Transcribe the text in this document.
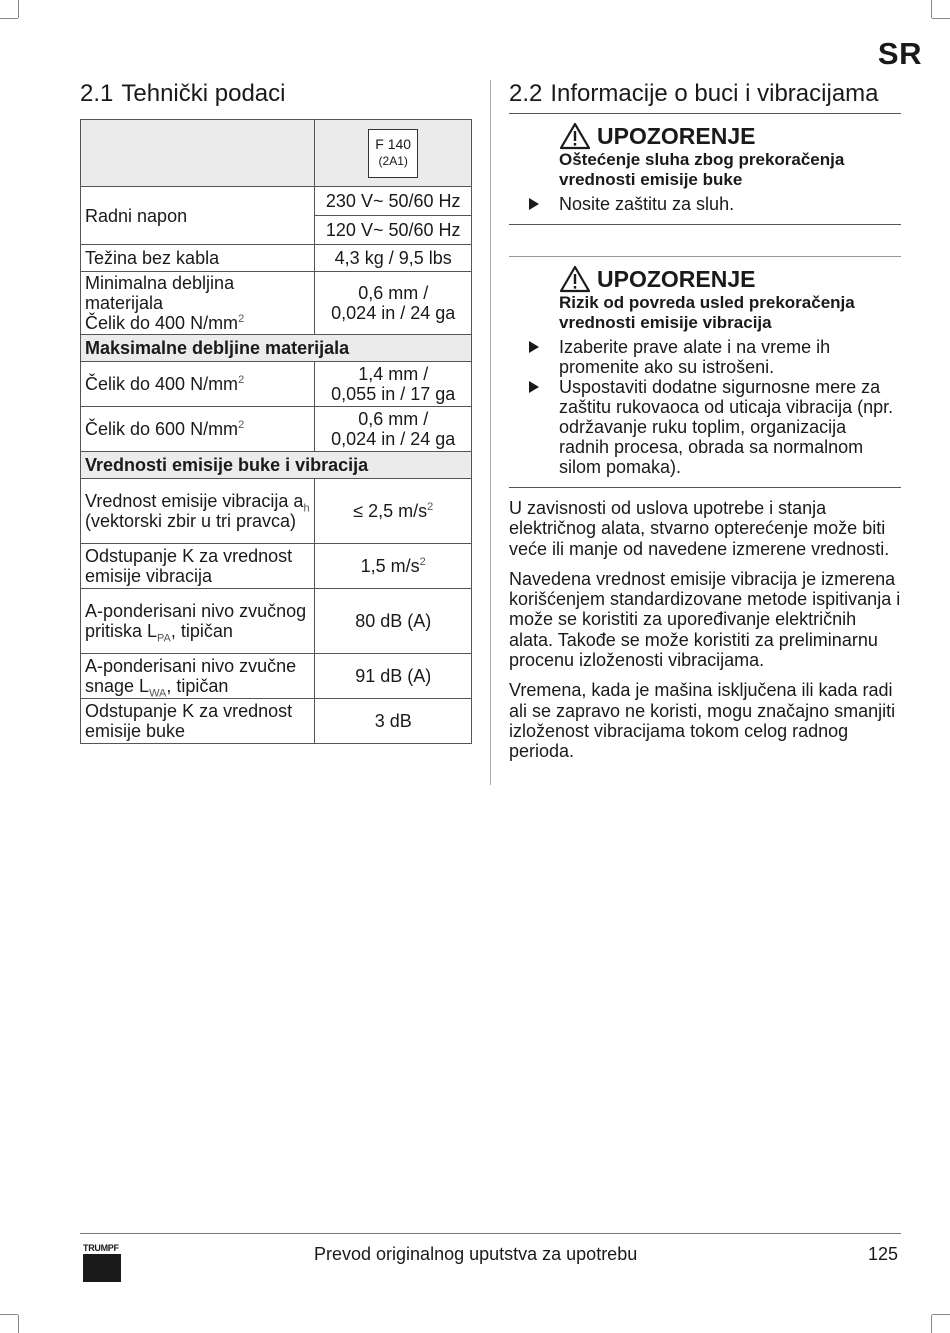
SR
2.1 Tehnički podaci

	F 140
(2A1)

Radni napon	230 V~ 50/60 Hz
	120 V~ 50/60 Hz
Težina bez kabla	4,3 kg / 9,5 lbs
Minimalna debljina materijala
Čelik do 400 $N/mm^2$	0,6 mm /
0,024 in / 24 ga
Maksimalne debljine materijala	
Čelik do 400 $N/mm^2$	1,4 mm /
0,055 in / 17 ga
Čelik do 600 $N/mm^2$	0,6 mm /
0,024 in / 24 ga
Vrednosti emisije buke i vibracija	
Vrednost emisije vibracija $a_h$ (vektorski zbir u tri pravca)	≤ 2,5 $m/s^2$
Odstupanje K za vrednost emisije vibracija	1,5 $m/s^2$
A-ponderisani nivo zvučnog pritiska $L_{PA}$, tipičan	80 dB (A)
A-ponderisani nivo zvučne snage $L_{WA}$, tipičan	91 dB (A)
Odstupanje K za vrednost emisije buke	3 dB
2.2 Informacije o buci i vibracijama
UPOZORENJE
Oštećenje sluha zbog prekoračenja vrednosti emisije buke
Nosite zaštitu za sluh.
UPOZORENJE
Rizik od povreda usled prekoračenja vrednosti emisije vibracija
Izaberite prave alate i na vreme ih promenite ako su istrošeni.
Uspostaviti dodatne sigurnosne mere za zaštitu rukovaoca od uticaja vibracija (npr. održavanje ruku toplim, organizacija radnih procesa, obrada sa normalnom silom pomaka).

U zavisnosti od uslova upotrebe i stanja električnog alata, stvarno opterećenje može biti veće ili manje od navedene izmerene vrednosti.

Navedena vrednost emisije vibracija je izmerena korišćenjem standardizovane metode ispitivanja i može se koristiti za upoređivanje električnih alata. Takođe se može koristiti za preliminarnu procenu izloženosti vibracijama.

Vremena, kada je mašina isključena ili kada radi ali se zapravo ne koristi, mogu značajno smanjiti izloženost vibracijama tokom celog radnog perioda.

TRUMPF	Prevod originalnog uputstva za upotrebu	125
